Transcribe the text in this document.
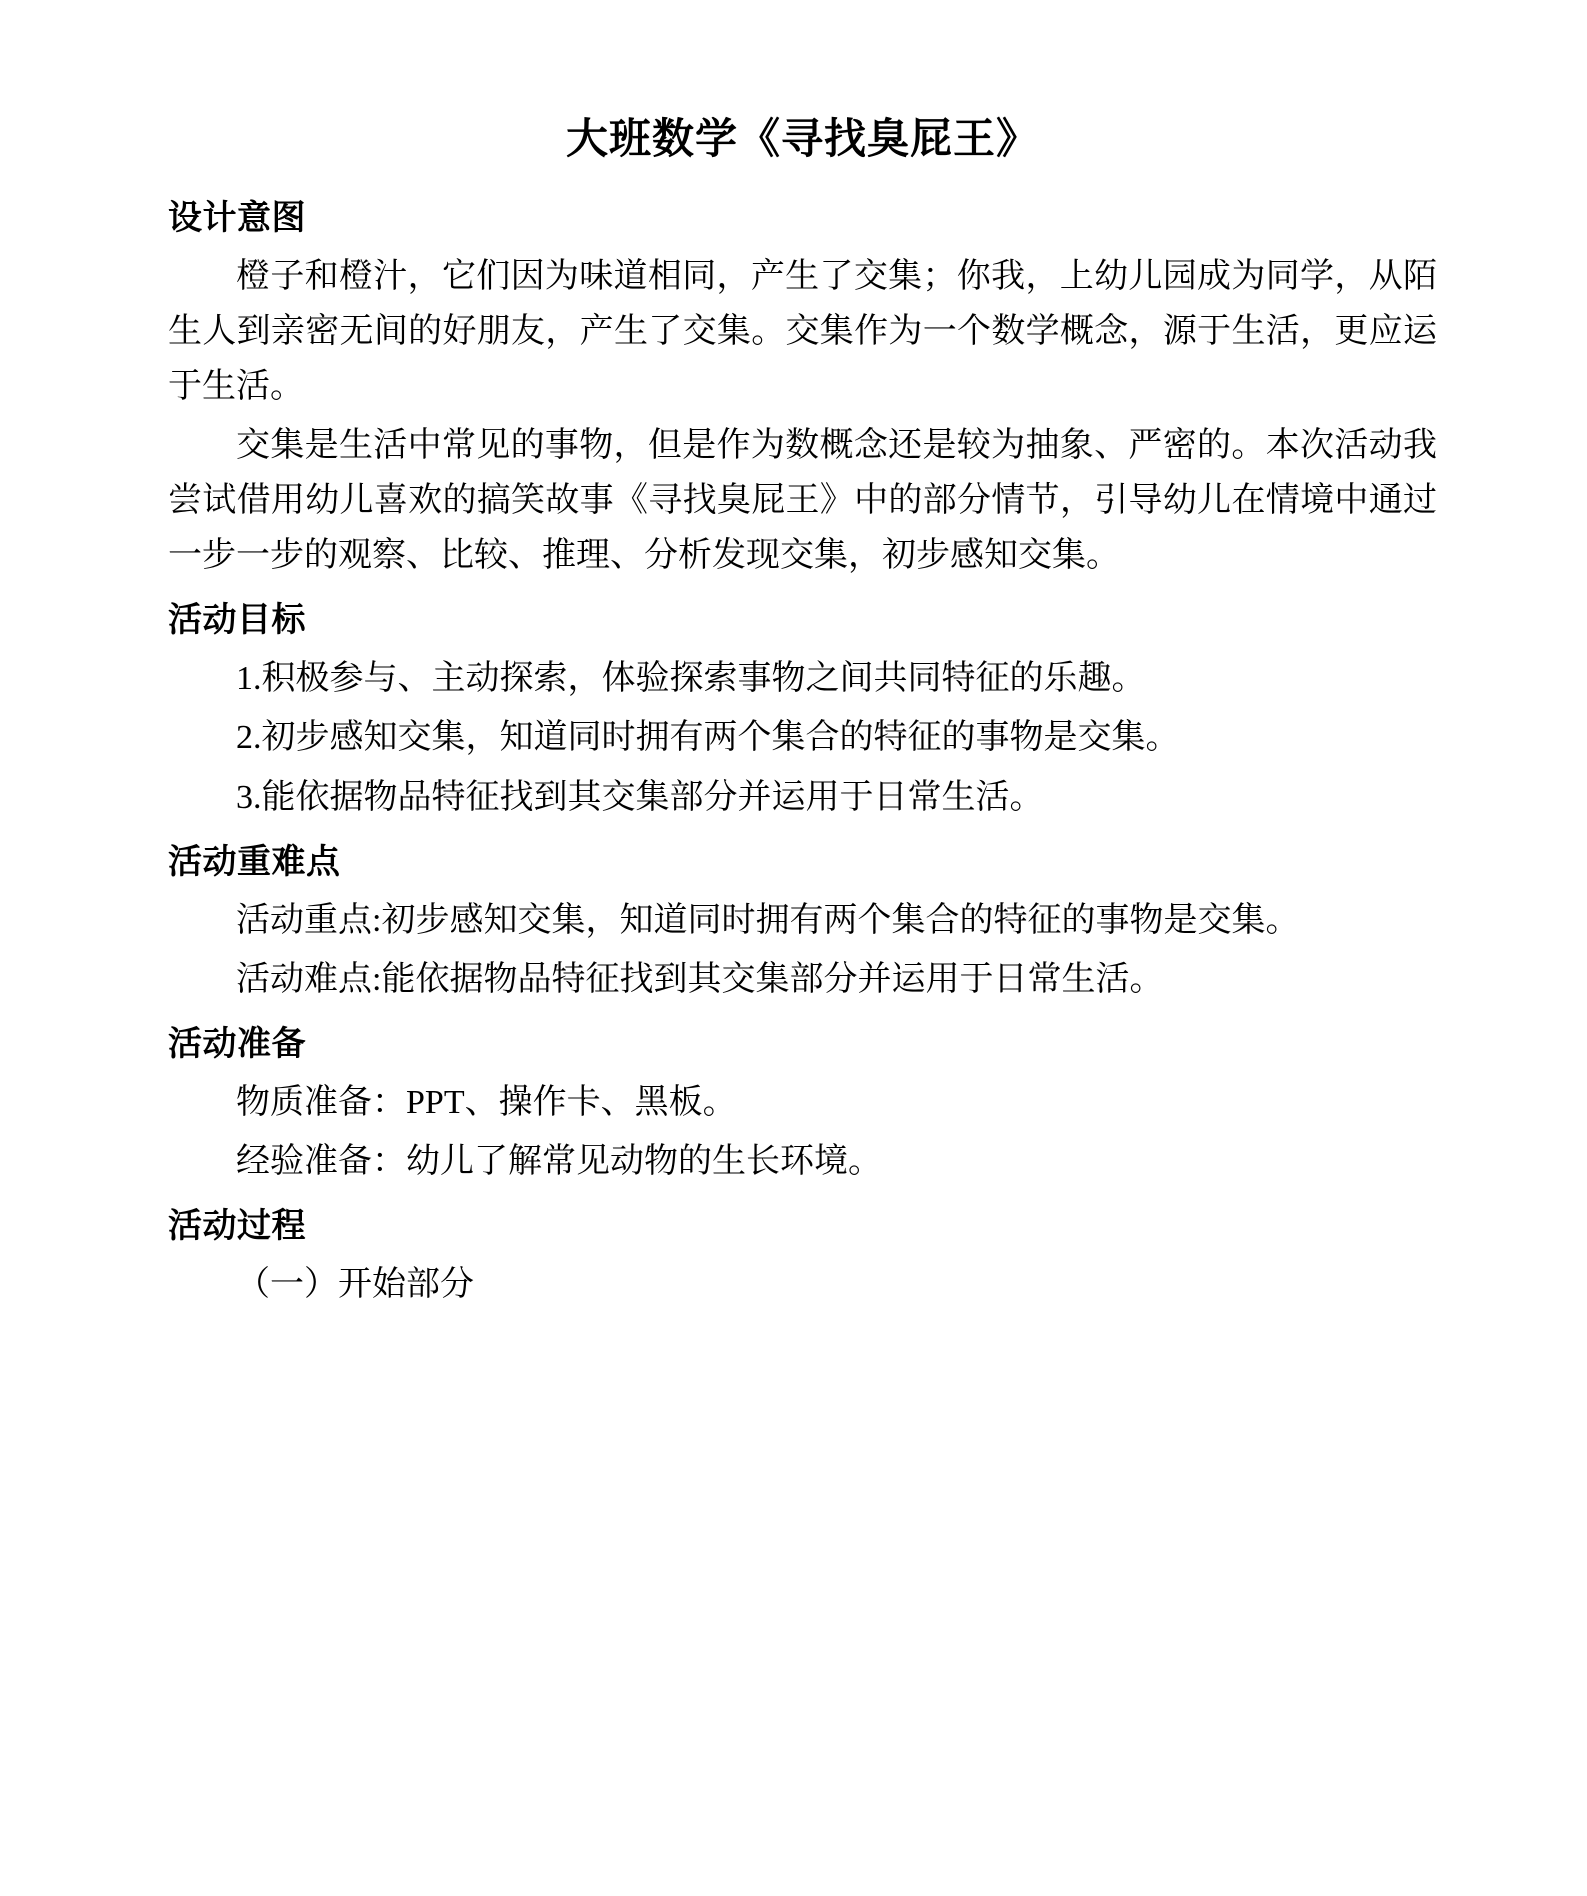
大班数学《寻找臭屁王》
设计意图

橙子和橙汁，它们因为味道相同，产生了交集；你我，上幼儿园成为同学，从陌生人到亲密无间的好朋友，产生了交集。交集作为一个数学概念，源于生活，更应运于生活。

交集是生活中常见的事物，但是作为数概念还是较为抽象、严密的。本次活动我尝试借用幼儿喜欢的搞笑故事《寻找臭屁王》中的部分情节，引导幼儿在情境中通过一步一步的观察、比较、推理、分析发现交集，初步感知交集。

活动目标

1.积极参与、主动探索，体验探索事物之间共同特征的乐趣。

2.初步感知交集，知道同时拥有两个集合的特征的事物是交集。

3.能依据物品特征找到其交集部分并运用于日常生活。

活动重难点

活动重点:初步感知交集，知道同时拥有两个集合的特征的事物是交集。

活动难点:能依据物品特征找到其交集部分并运用于日常生活。

活动准备

物质准备：PPT、操作卡、黑板。

经验准备：幼儿了解常见动物的生长环境。

活动过程

（一）开始部分
